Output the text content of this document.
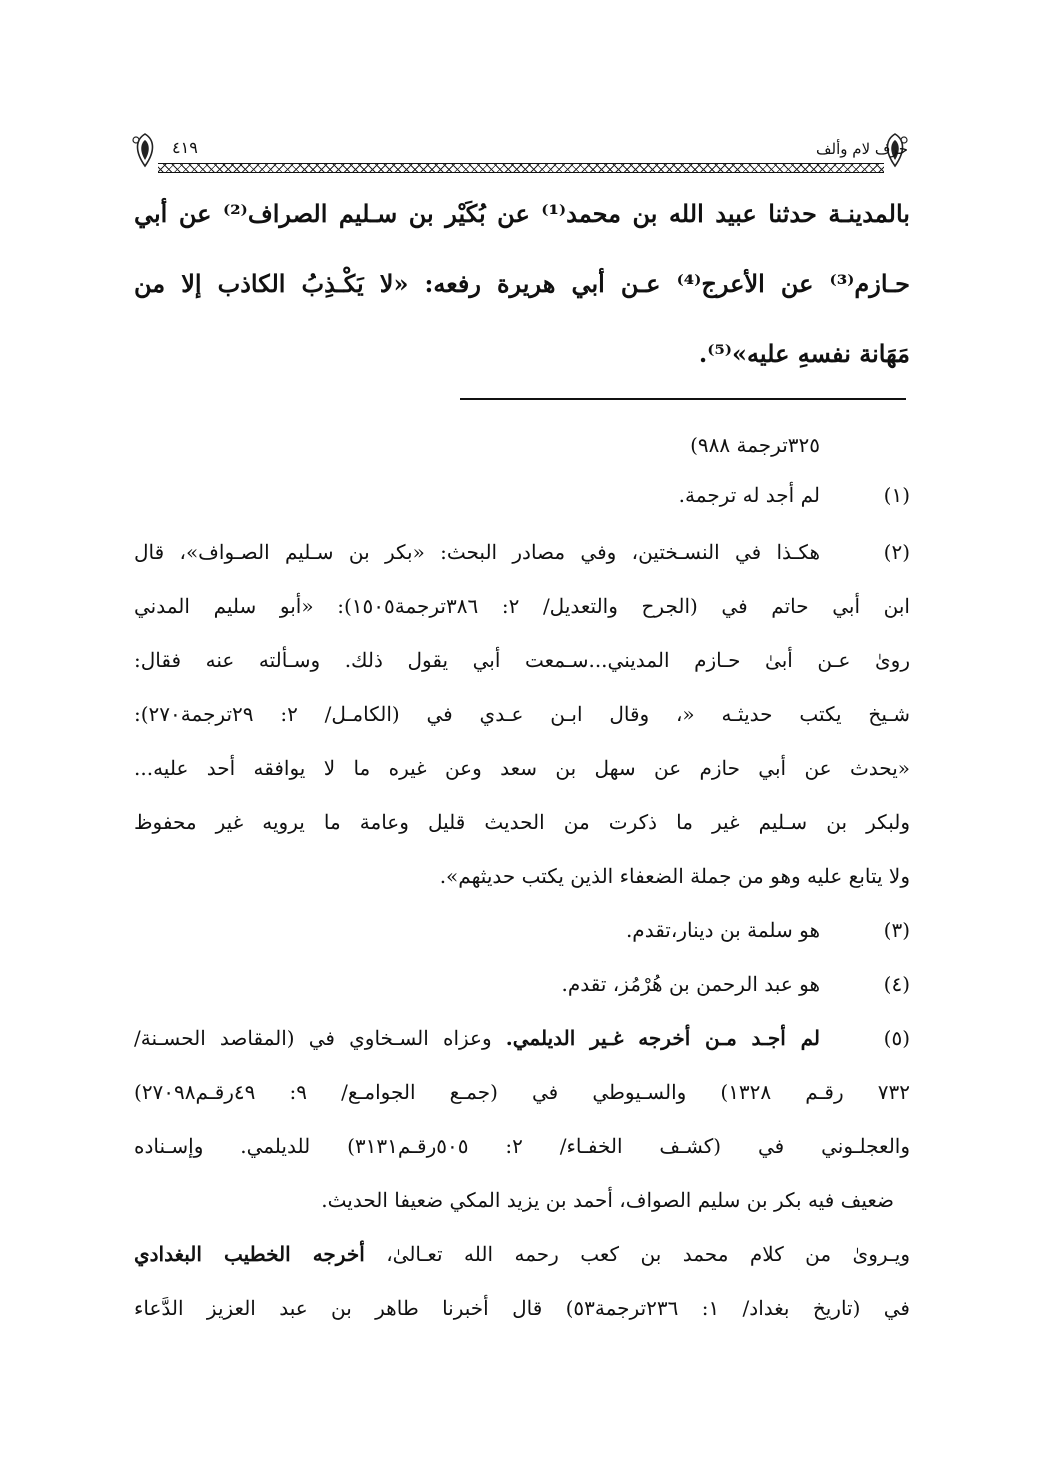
حرف لام وألف
٤١٩
بالمدينـة حدثنا عبيد الله بن محمد⁽¹⁾ عن بُكَيْر بن سـليم الصراف⁽²⁾ عن أبي
حـازم⁽³⁾ عن الأعرج⁽⁴⁾ عـن أبي هريرة رفعه: «لا يَكْـذِبُ الكاذب إلا من
مَهَانة نفسهِ عليه»⁽⁵⁾.
٣٢٥ترجمة ٩٨٨)
(١)
لم أجد له ترجمة.
(٢)
هكـذا في النسـختين، وفي مصادر البحث: «بكر بن سـليم الصـواف»، قال
ابن أبي حاتم في (الجرح والتعديل/ ٢: ٣٨٦ترجمة١٥٠٥): «أبو سليم المدني
روىٰ عـن أبىٰ حـازم المديني...سـمعت أبي يقول ذلك. وسـألته عنه فقال:
شـيخ يكتب حديثـه «، وقال ابـن عـدي في (الكامـل/ ٢: ٢٩ترجمة٢٧٠):
«يحدث عن أبي حازم عن سهل بن سعد وعن غيره ما لا يوافقه أحد عليه...
ولبكر بن سـليم غير ما ذكرت من الحديث قليل وعامة ما يرويه غير محفوظ
ولا يتابع عليه وهو من جملة الضعفاء الذين يكتب حديثهم».
(٣)
هو سلمة بن دينار،تقدم.
(٤)
هو عبد الرحمن بن هُرْمُز، تقدم.
(٥)
لم أجـد مـن أخرجه غـير الديلمي. وعزاه السـخاوي في (المقاصد الحسـنة/
٧٣٢ رقـم ١٣٢٨) والسـيوطي في (جمـع الجوامـع/ ٩: ٤٩رقـم٢٧٠٩٨)
والعجلـوني في (كشـف الخفـاء/ ٢: ٥٠٥رقـم٣١٣١) للديلمي. وإسـناده
ضعيف فيه بكر بن سليم الصواف، أحمد بن يزيد المكي ضعيفا الحديث.
ويـروىٰ من كلام محمد بن كعب رحمه الله تعـالىٰ، أخرجه الخطيب البغدادي
في (تاريخ بغداد/ ١: ٢٣٦ترجمة٥٣) قال أخبرنا طاهر بن عبد العزيز الدَّعاء
